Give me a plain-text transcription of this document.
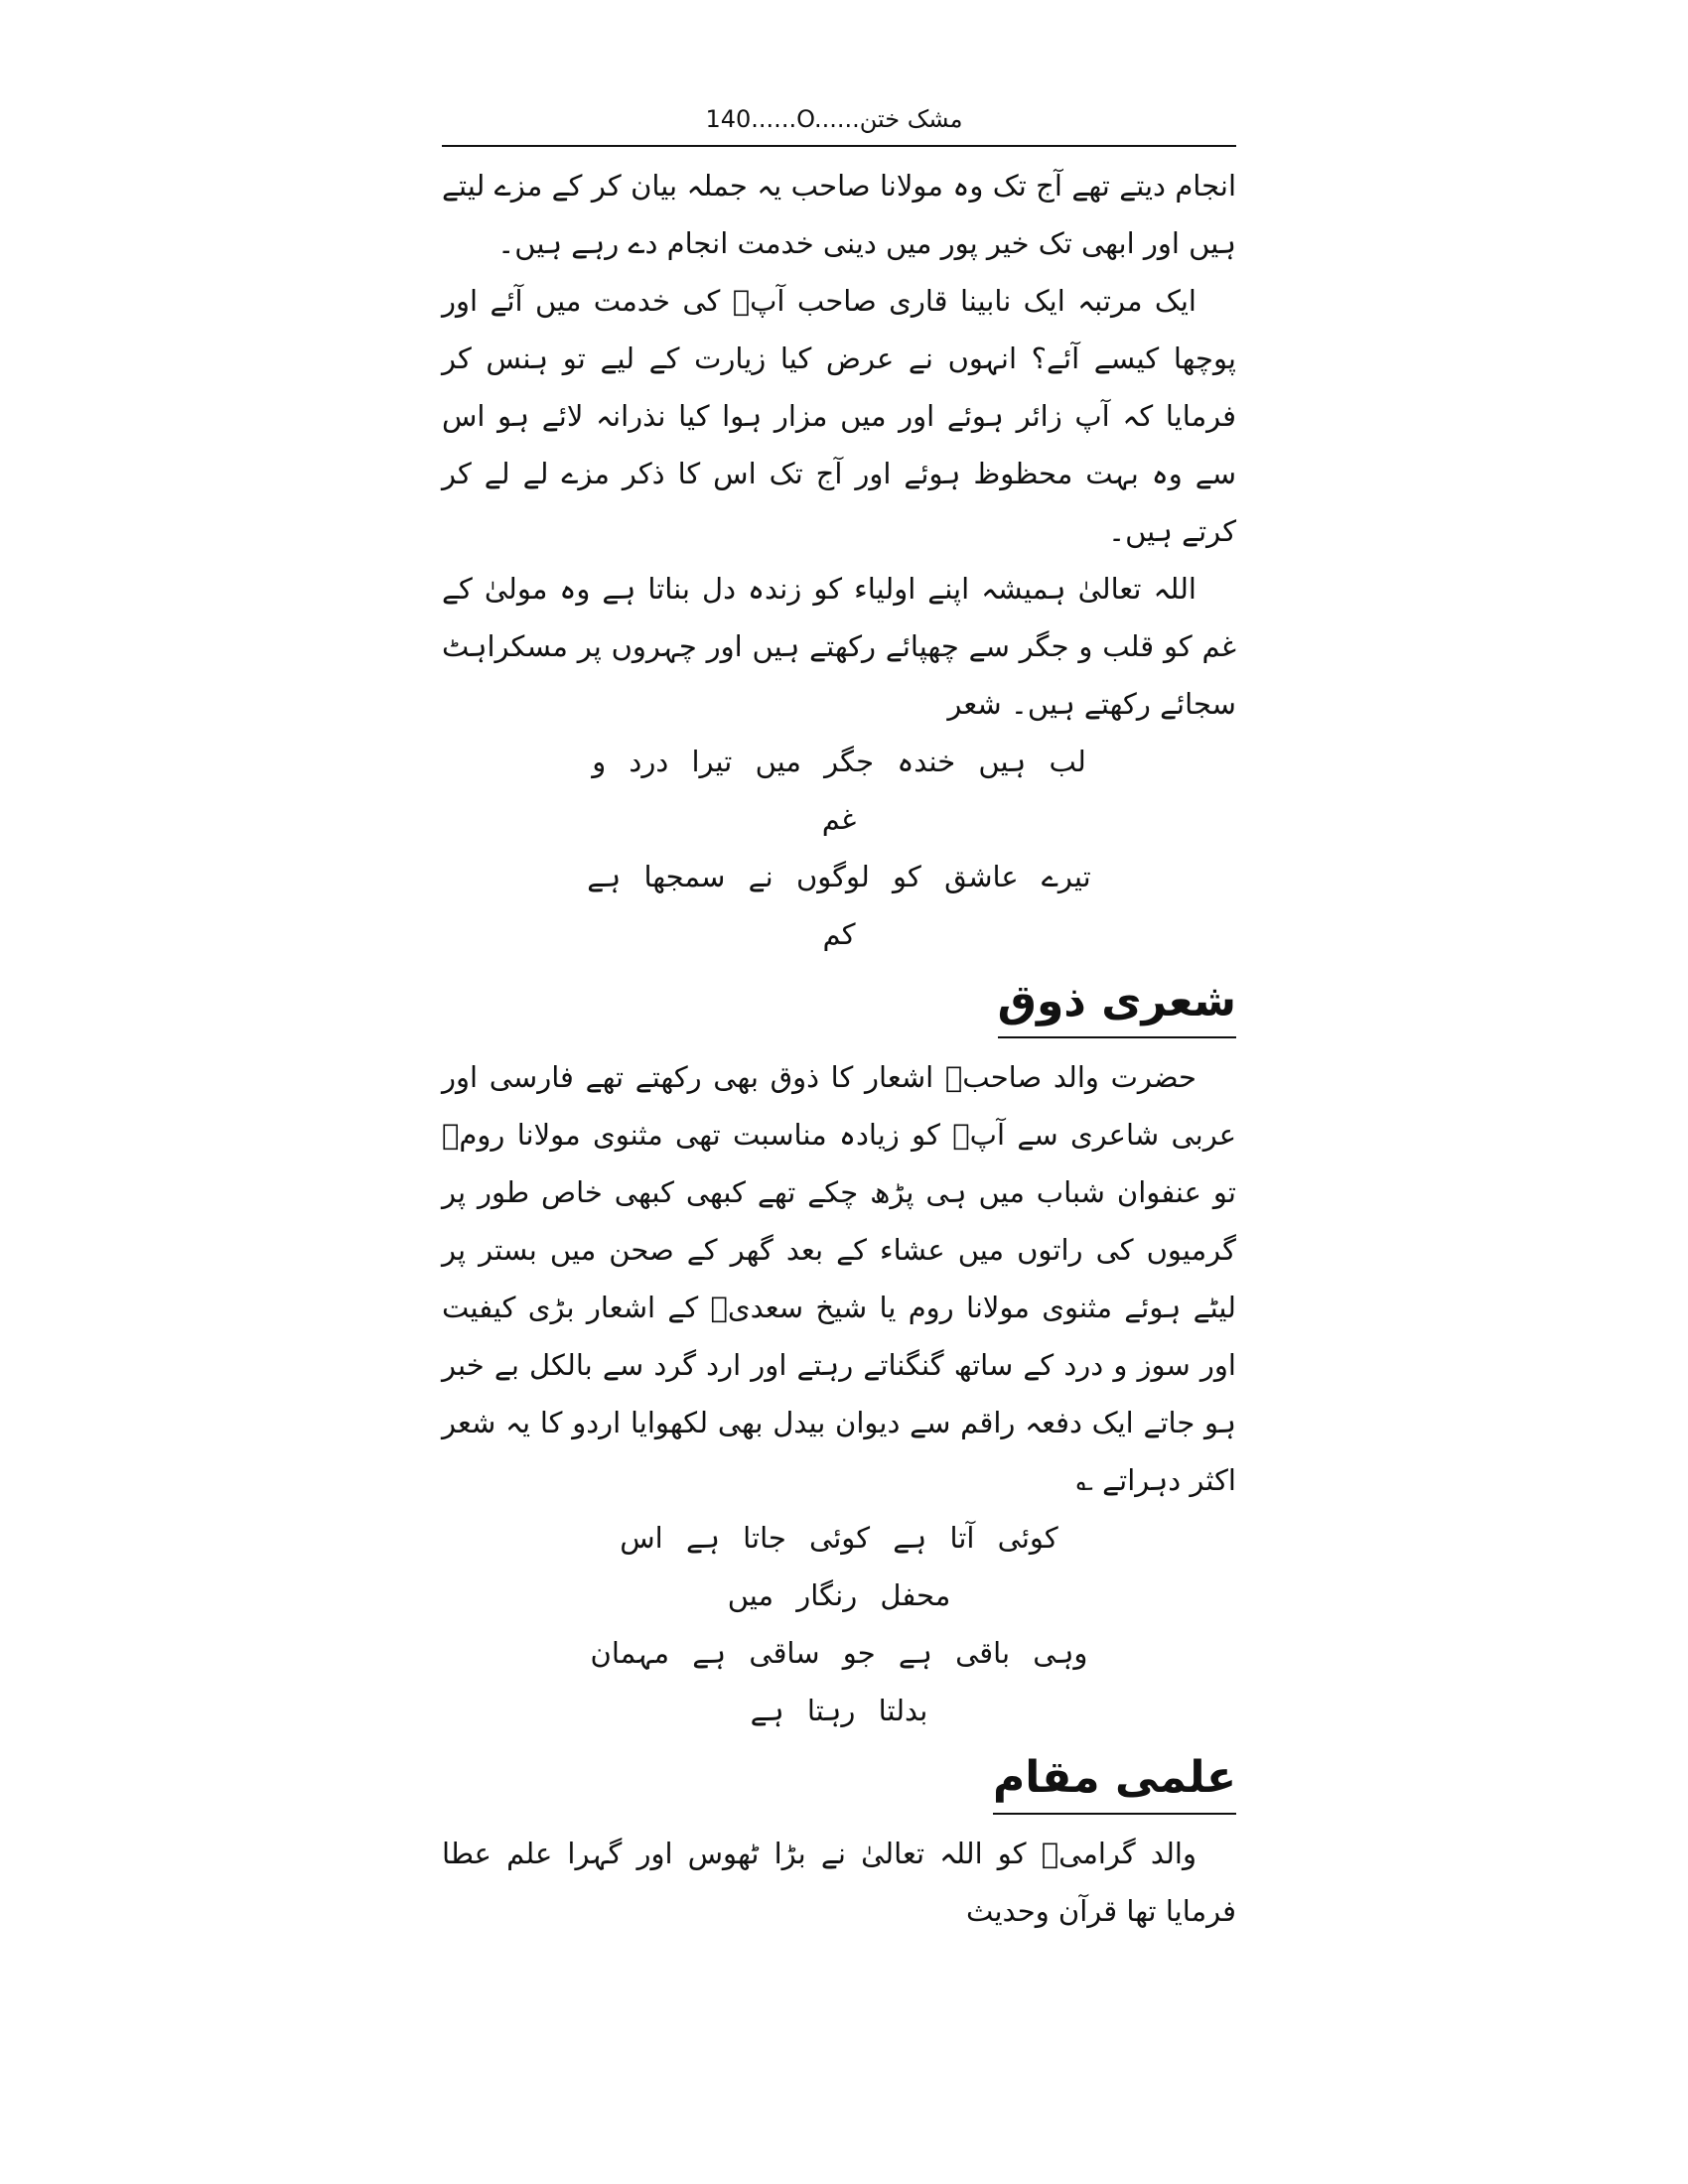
140......O......مشک ختن

انجام دیتے تھے آج تک وہ مولانا صاحب یہ جملہ بیان کر کے مزے لیتے ہیں اور ابھی تک خیر پور میں دینی خدمت انجام دے رہے ہیں۔

ایک مرتبہ ایک نابینا قاری صاحب آپؒ کی خدمت میں آئے اور پوچھا کیسے آئے؟ انہوں نے عرض کیا زیارت کے لیے تو ہنس کر فرمایا کہ آپ زائر ہوئے اور میں مزار ہوا کیا نذرانہ لائے ہو اس سے وہ بہت محظوظ ہوئے اور آج تک اس کا ذکر مزے لے لے کر کرتے ہیں۔

اللہ تعالیٰ ہمیشہ اپنے اولیاء کو زندہ دل بناتا ہے وہ مولیٰ کے غم کو قلب و جگر سے چھپائے رکھتے ہیں اور چہروں پر مسکراہٹ سجائے رکھتے ہیں۔ شعر

لب ہیں خندہ جگر میں تیرا درد و غم

تیرے عاشق کو لوگوں نے سمجھا ہے کم

شعری ذوق

حضرت والد صاحبؒ اشعار کا ذوق بھی رکھتے تھے فارسی اور عربی شاعری سے آپؒ کو زیادہ مناسبت تھی مثنوی مولانا رومؒ تو عنفوان شباب میں ہی پڑھ چکے تھے کبھی کبھی خاص طور پر گرمیوں کی راتوں میں عشاء کے بعد گھر کے صحن میں بستر پر لیٹے ہوئے مثنوی مولانا روم یا شیخ سعدیؒ کے اشعار بڑی کیفیت اور سوز و درد کے ساتھ گنگناتے رہتے اور ارد گرد سے بالکل بے خبر ہو جاتے ایک دفعہ راقم سے دیوان بیدل بھی لکھوایا اردو کا یہ شعر اکثر دہراتے ؎

کوئی آتا ہے کوئی جاتا ہے اس محفل رنگار میں

وہی باقی ہے جو ساقی ہے مہمان بدلتا رہتا ہے

علمی مقام

والد گرامیؒ کو اللہ تعالیٰ نے بڑا ٹھوس اور گہرا علم عطا فرمایا تھا قرآن وحدیث
